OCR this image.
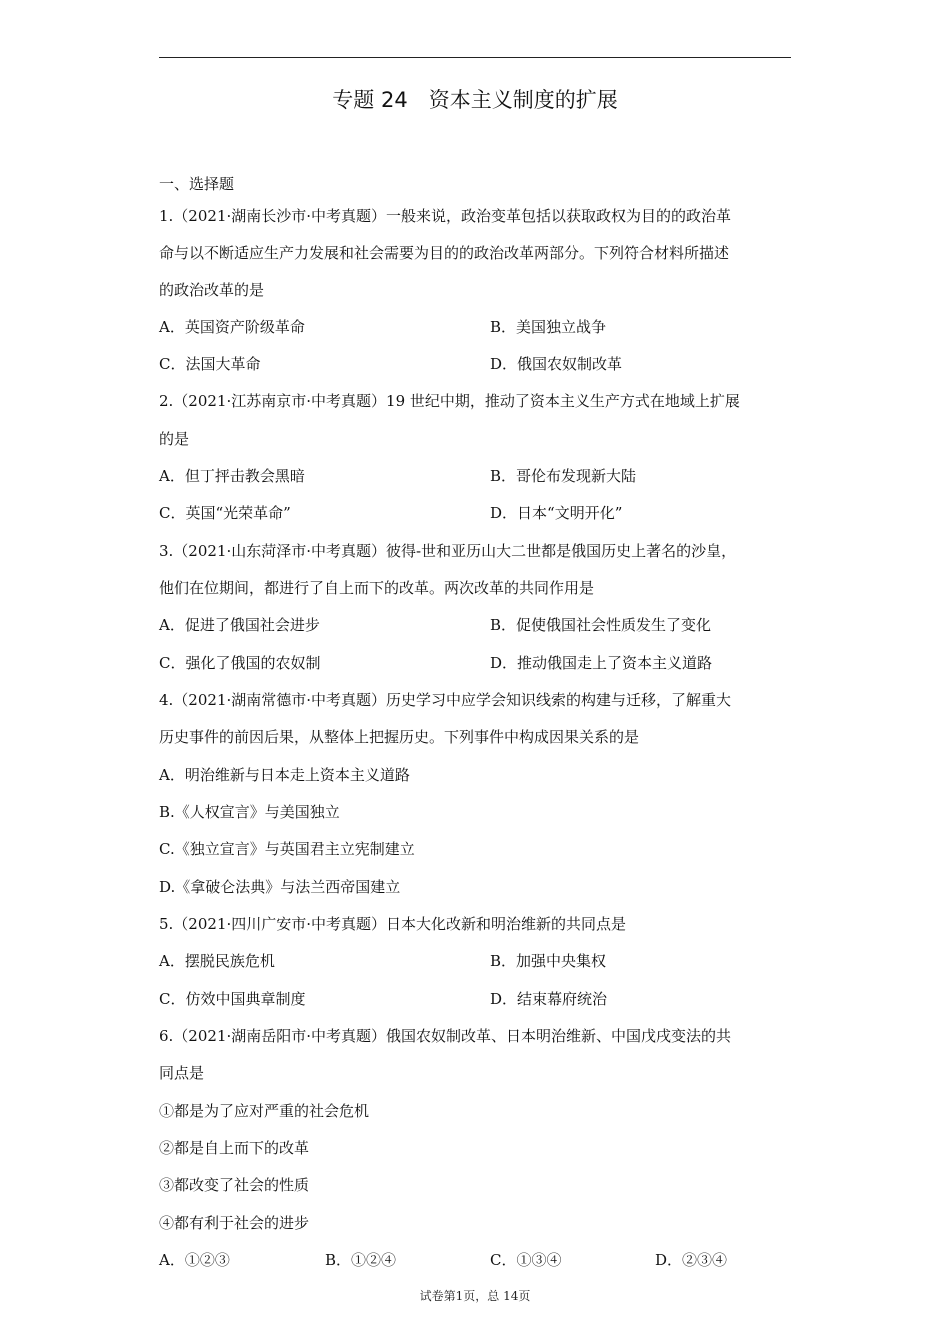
专题 24　资本主义制度的扩展
一、选择题
1.（2021·湖南长沙市·中考真题）一般来说，政治变革包括以获取政权为目的的政治革
命与以不断适应生产力发展和社会需要为目的的政治改革两部分。下列符合材料所描述
的政治改革的是
A．英国资产阶级革命	B．美国独立战争
C．法国大革命	D．俄国农奴制改革
2.（2021·江苏南京市·中考真题）19 世纪中期，推动了资本主义生产方式在地域上扩展
的是
A．但丁抨击教会黑暗	B．哥伦布发现新大陆
C．英国“光荣革命”	D．日本“文明开化”
3.（2021·山东菏泽市·中考真题）彼得-世和亚历山大二世都是俄国历史上著名的沙皇，
他们在位期间，都进行了自上而下的改革。两次改革的共同作用是
A．促进了俄国社会进步	B．促使俄国社会性质发生了变化
C．强化了俄国的农奴制	D．推动俄国走上了资本主义道路
4.（2021·湖南常德市·中考真题）历史学习中应学会知识线索的构建与迁移，了解重大
历史事件的前因后果，从整体上把握历史。下列事件中构成因果关系的是
A．明治维新与日本走上资本主义道路
B.《人权宣言》与美国独立
C.《独立宣言》与英国君主立宪制建立
D.《拿破仑法典》与法兰西帝国建立
5.（2021·四川广安市·中考真题）日本大化改新和明治维新的共同点是
A．摆脱民族危机	B．加强中央集权
C．仿效中国典章制度	D．结束幕府统治
6.（2021·湖南岳阳市·中考真题）俄国农奴制改革、日本明治维新、中国戊戌变法的共
同点是
①都是为了应对严重的社会危机
②都是自上而下的改革
③都改变了社会的性质
④都有利于社会的进步
A．①②③	B．①②④	C．①③④	D．②③④
试卷第1页，总 14页
